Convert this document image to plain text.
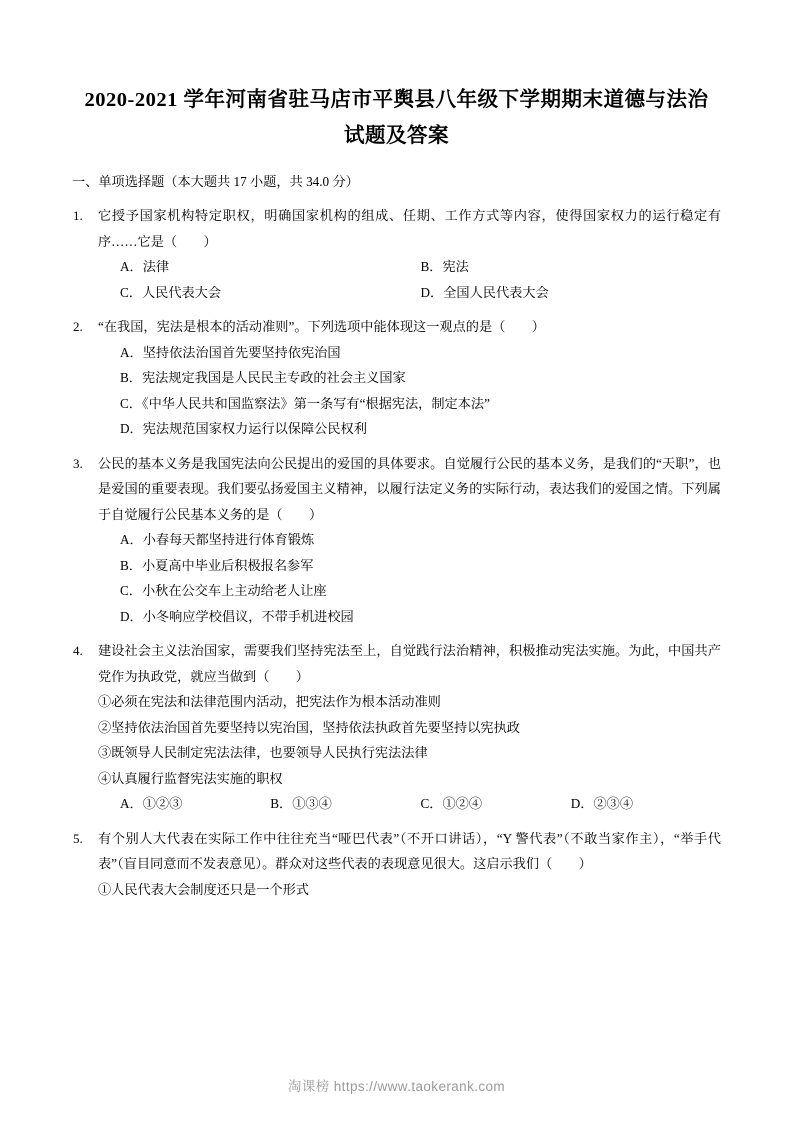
2020-2021 学年河南省驻马店市平舆县八年级下学期期末道德与法治
试题及答案
一、单项选择题（本大题共 17 小题，共 34.0 分）
1.	它授予国家机构特定职权，明确国家机构的组成、任期、工作方式等内容，使得国家权力的运行稳定有序……它是（　　）
A．法律	B．宪法
C．人民代表大会	D．全国人民代表大会
2.	“在我国，宪法是根本的活动准则”。下列选项中能体现这一观点的是（　　）
A．坚持依法治国首先要坚持依宪治国
B．宪法规定我国是人民民主专政的社会主义国家
C．《中华人民共和国监察法》第一条写有“根据宪法，制定本法”
D．宪法规范国家权力运行以保障公民权利
3.	公民的基本义务是我国宪法向公民提出的爱国的具体要求。自觉履行公民的基本义务，是我们的“天职”，也是爱国的重要表现。我们要弘扬爱国主义精神，以履行法定义务的实际行动，表达我们的爱国之情。下列属于自觉履行公民基本义务的是（　　）
A．小春每天都坚持进行体育锻炼
B．小夏高中毕业后积极报名参军
C．小秋在公交车上主动给老人让座
D．小冬响应学校倡议，不带手机进校园
4.	建设社会主义法治国家，需要我们坚持宪法至上，自觉践行法治精神，积极推动宪法实施。为此，中国共产党作为执政党，就应当做到（　　）
①必须在宪法和法律范围内活动，把宪法作为根本活动准则
②坚持依法治国首先要坚持以宪治国，坚持依法执政首先要坚持以宪执政
③既领导人民制定宪法法律，也要领导人民执行宪法法律
④认真履行监督宪法实施的职权
A．①②③	B．①③④	C．①②④	D．②③④
5.	有个别人大代表在实际工作中往往充当“哑巴代表”（不开口讲话），“Y 警代表”（不敢当家作主），“举手代表”（盲目同意而不发表意见）。群众对这些代表的表现意见很大。这启示我们（　　）
①人民代表大会制度还只是一个形式
淘课榜 https://www.taokerank.com
